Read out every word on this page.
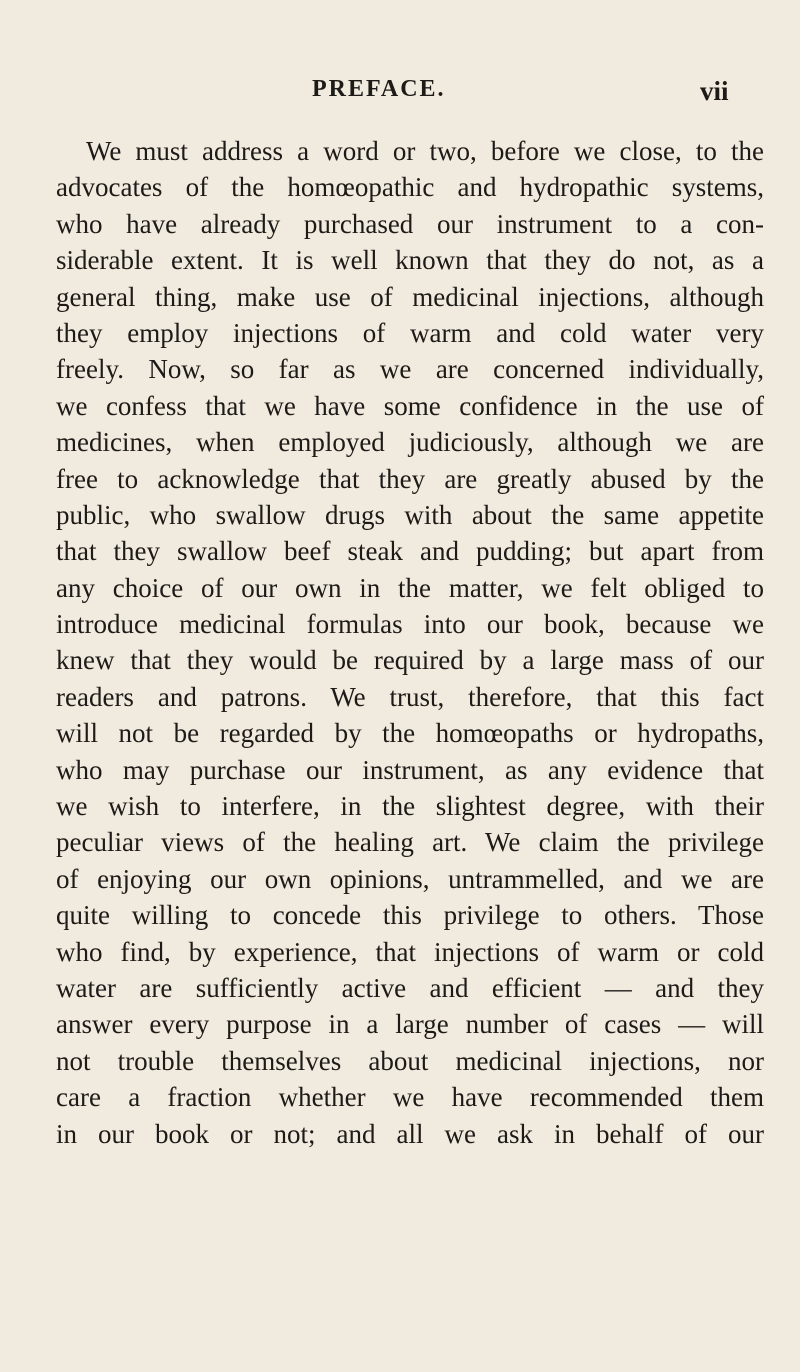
PREFACE.	vii
We must address a word or two, before we close, to the
advocates of the homœopathic and hydropathic systems,
who have already purchased our instrument to a con-
siderable extent. It is well known that they do not, as a
general thing, make use of medicinal injections, although
they employ injections of warm and cold water very
freely. Now, so far as we are concerned individually,
we confess that we have some confidence in the use of
medicines, when employed judiciously, although we are
free to acknowledge that they are greatly abused by the
public, who swallow drugs with about the same appetite
that they swallow beef steak and pudding; but apart from
any choice of our own in the matter, we felt obliged to
introduce medicinal formulas into our book, because we
knew that they would be required by a large mass of our
readers and patrons. We trust, therefore, that this fact
will not be regarded by the homœopaths or hydropaths,
who may purchase our instrument, as any evidence that
we wish to interfere, in the slightest degree, with their
peculiar views of the healing art. We claim the privilege
of enjoying our own opinions, untrammelled, and we are
quite willing to concede this privilege to others. Those
who find, by experience, that injections of warm or cold
water are sufficiently active and efficient — and they
answer every purpose in a large number of cases — will
not trouble themselves about medicinal injections, nor
care a fraction whether we have recommended them
in our book or not; and all we ask in behalf of our
